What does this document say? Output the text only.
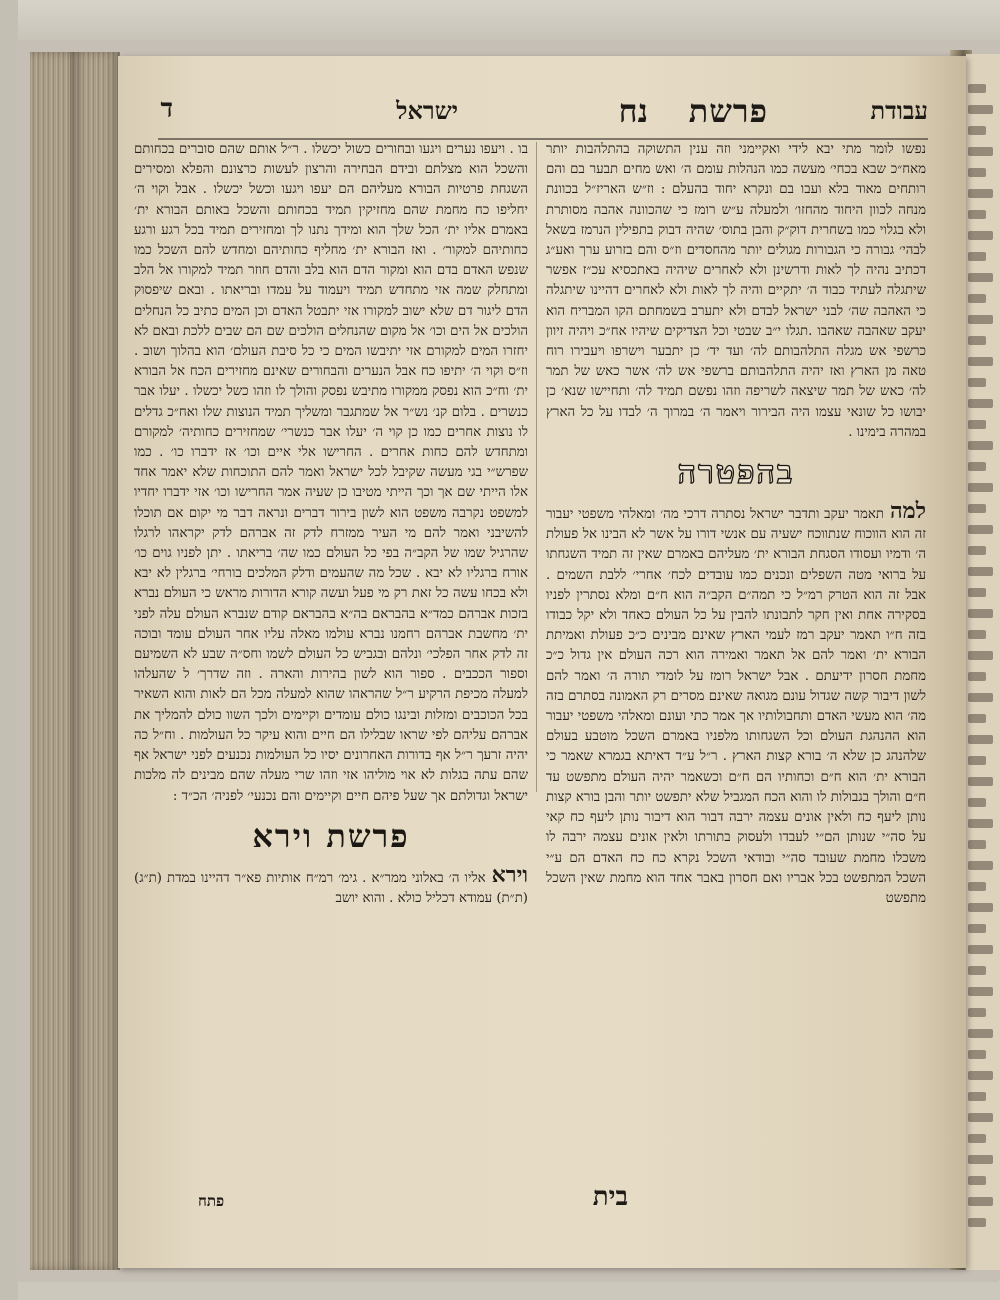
עבודת
פרשת
נח
ישראל
ד

נפשו לומר מתי יבא לידי ואקיימני וזה ענין התשוקה בהתלהבות יותר מאח״כ שבא בכחי׳ מעשה כמו הנהלות עומם ה׳ ואש מחים תבער בם והם רותחים מאוד בלא ועבו בם ונקרא יחוד בהעלם : וז״ש האריז״ל בכוונת מנחה לכוון היחוד מהחזו׳ ולמעלה ע״ש רומז כי שהכוונה אהבה מסותרת ולא בגלוי כמו בשחרית דוק״ק והבן בתוס׳ שהיה דבוק בתפילין הנרמז בשאל לבהי׳ גבורה כי הגבורות מגולים יותר מהחסדים וז״ס והם בזרוע ערך ואע״ג דכתיב נהיה לך לאות ודרשינן ולא לאחרים שיהיה באתכסיא עכ״ז אפשר שיתגלה לעתיד כבוד ה׳ יתקיים והיה לך לאות ולא לאחרים דהיינו שיתגלה כי האהבה שה׳ לבני ישראל לבדם ולא יתערב בשמחתם הקו המבריח הוא יעקב שאהבה שאהבו .תגלו י״ב שבטי וכל הצדיקים שיהיו אח״כ ויהיה זיוון כרשפי אש מגלה התלהבותם לה׳ ועד יד׳ כן יתבער וישרפו ויעבירו רוח טאה מן הארץ ואז יהיה התלהבותם ברשפי אש לה׳ אשר כאש של תמר לה׳ כאש של תמר שיצאה לשריפה וזהו נפשם תמיד לה׳ ותחיישו שנא׳ כן יבושו כל שונאי עצמו היה הבירור ויאמר ה׳ במרוך ה׳ לבדו על כל הארץ במהרה בימינו .

בהפטרה

למהתאמר יעקב ותדבר ישראל נסתרה דרכי מה׳ ומאלהי משפטי יעבור זה הוא הווכוח שנתווכח ישעיה עם אנשי דורו על אשר לא הבינו אל פעולת ה׳ ודמיו ועסודו הסגחת הבורא ית׳ מעליהם באמרם שאין זה תמיד השגחתו על ברואי מטה השפלים ונכנים כמו עובדים לכח׳ אחרי׳ ללבת השמים . אבל זה הוא הטרק רמ״ל כי תמה״ם הקב״ה הוא ח״ם ומלא נסתרין לפניו בסקירה אחת ואין חקר לתבונתו להבין על כל העולם כאחד ולא יקל כבודו בזה ח״ו תאמר יעקב רמז לעמי הארץ שאינם מבינים כ״כ פעולת ואמיתת הבורא ית׳ ואמר להם אל תאמר ואמירה הוא רכה העולם אין גדול כ״כ מחמת חסרון ידיעתם . אבל ישראל רומז על לומדי תורה ה׳ ואמר להם לשון דיבור קשה שגדול עונם מגואה שאינם מסרים רק האמונה בסתרם בזה מה׳ הוא מעשי האדם ותחבולותיו אך אמר כתי ועונם ומאלהי משפטי יעבור הוא ההנהגת העולם וכל השגחותו מלפניו באמרם השכל מוטבע בעולם שלהנהג כן שלא ה׳ בורא קצות הארץ . ר״ל ע״ד דאיתא בגמרא שאמר כי הבורא ית׳ הוא ח״ם וכחותיו הם ח״ם וכשאמר יהיה העולם מתפשט עד ח״ם והולך בגבולות לו והוא הכח המגביל שלא יתפשט יותר והבן בורא קצות נותן ליעף כח ולאין אונים עצמה ירבה דבור הוא דיבור נותן ליעף כח קאי על סה״י שנותן הם״י לעבדו ולעסוק בתורתו ולאין אונים עצמה ירבה לו משכלו מחמת שעובד סה״י ובודאי השכל נקרא כח כח האדם הם ע״י השכל המתפשט בכל אבריו ואם חסרון באבר אחד הוא מחמת שאין השכל מתפשט

בו . ויעפו נערים ויגעו ובחורים כשול יכשלו . ר״ל אותם שהם סוברים בכחותם והשכל הוא מצלתם ובידם הבחירה והרצון לעשות כרצונם והפלא ומסירים השגחת פרטיות הבורא מעליהם הם יעפו ויגעו וכשל יכשלו . אבל וקוי ה׳ יחליפו כח מחמת שהם מחזיקין תמיד בכחותם והשכל באותם הבורא ית׳ באמרם אליו ית׳ הכל שלך הוא ומידך נתנו לך ומחזירים תמיד בכל רגע ורגע כחותיהם למקור׳ . ואז הבורא ית׳ מחליף כחותיהם ומחדש להם השכל כמו שנפש האדם בדם הוא ומקור הדם הוא בלב והדם חוזר תמיד למקורו אל הלב ומתחלק שמה אזי מתחדש תמיד ויעמוד על עמדו ובריאתו . ובאם שיפסוק הדם ליגור דם שלא ישוב למקורו אזי יתבטל האדם וכן המים כתיב כל הנחלים הולכים אל הים וכו׳ אל מקום שהנחלים הולכים שם הם שבים ללכת ובאם לא יחזרו המים למקורם אזי יתיבשו המים כי כל סיבת העולם׳ הוא בהלוך ושוב . וז״ס וקוי ה׳ יתיפו כח אבל הנערים והבחורים שאינם מחזירים הכח אל הבורא ית׳ וח״כ הוא נפסק ממקורו מתיבש נפסק והולך לו וזהו כשל יכשלו . יעלו אבר כנשרים . בלום קנ׳ נש״ר אל שמתגבר ומשליך תמיד הנוצות שלו ואח״כ גדלים לו נוצות אחרים כמו כן קוי ה׳ יעלו אבר כנשרי׳ שמחזירים כחותיה׳ למקורם ומתחדש להם כחות אחרים . החרישו אלי איים וכו׳ אז ידברו כו׳ . כמו שפרש״י בגי מעשה שקיבל לכל ישראל ואמר להם התוכחות שלא יאמר אחד אלו הייתי שם אך וכך הייתי מטיבו כן שעיה אמר החרישו וכו׳ אזי ידברו יחדיו למשפט נקרבה משפט הוא לשון בירור דברים ונראה דבר מי יקום אם תוכלו להשיבני ואמר להם מי העיר ממזרח לדק זה אברהם לדק יקראהו לרגלו שהרגיל שמו של הקב״ה בפי כל העולם כמו שה׳ בריאתו . יתן לפניו גוים כו׳ אורח ברגליו לא יבא . שכל מה שהעמים ודלק המלכים בורחי׳ ברגלין לא יבא ולא בכחו עשה כל זאת רק מי פעל ועשה קורא הדורות מראש כי העולם נברא בזכות אברהם כמד״א בהבראם בה״א בהבראם קודם שנברא העולם עלה לפני ית׳ מחשבת אברהם רחמנו נברא עולמו מאלה עליו אחר העולם עומד ובוכה זה לדק אחר הפלכי׳ ונלהם ובגביש כל העולם לשמו וחס״ה שבע לא השמיעם וספור הככבים . ספור הוא לשון בהירות והארה . וזה שדרך׳ ל שהעלהו למעלה מכיפת הרקיע ר״ל שהראהו שהוא למעלה מכל הם לאות והוא השאיר בכל הכוכבים ומזלות ובינגו כולם עומדים וקיימים ולכך השוו כולם להמליך את אברהם עליהם לפי שראו שבלילו הם חיים והוא עיקר כל העולמות . וח״ל כה יהיה זרעך ר״ל אף בדורות האחרונים יסיו כל העולמות נכנעים לפני ישראל אף שהם עתה בגלות לא אוי מוליהו אזי וזהו שרי מעלה שהם מבינים לה מלכות ישראל וגדולתם אך שעל פיהם חיים וקיימים והם נכנעי׳ לפניה׳ הכ״ד :

פרשת וירא

ויראאליו ה׳ באלוני ממר״א . גימ׳ רמ״ח אותיות פא״ר דהיינו במדת (ת״ג) (ת״ת) עמודא דכליל כולא . והוא יושב

בית
פתח
